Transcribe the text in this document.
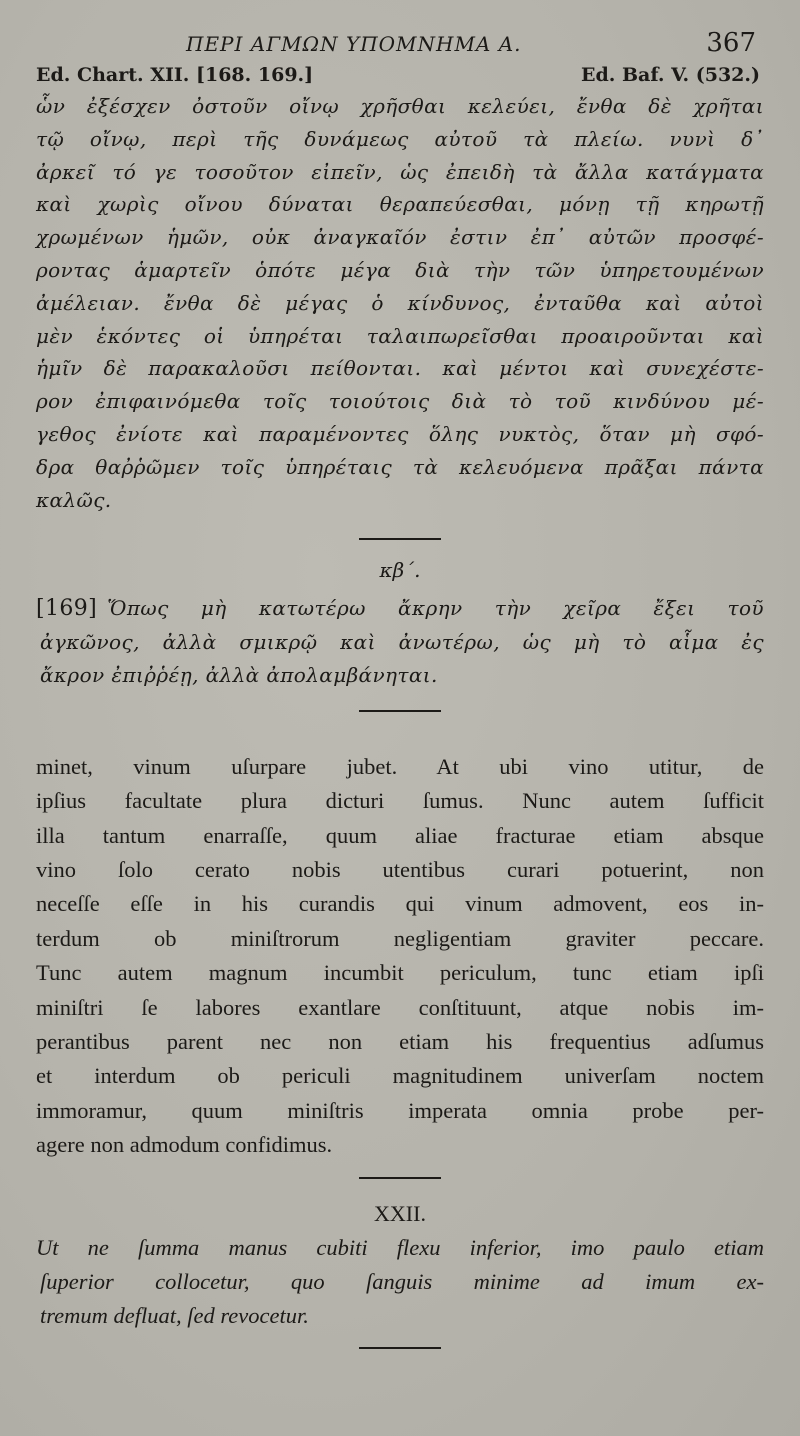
ΠΕΡΙ ΑΓΜΩΝ ΥΠΟΜΝΗΜΑ Α.	367
Ed. Chart. XII. [168. 169.]	Ed. Baf. V. (532.)
ὧν ἐξέσχεν ὀστοῦν οἴνῳ χρῆσθαι κελεύει, ἔνθα δὲ χρῆται
τῷ οἴνῳ, περὶ τῆς δυνάμεως αὐτοῦ τὰ πλείω. νυνὶ δ᾽
ἀρκεῖ τό γε τοσοῦτον εἰπεῖν, ὡς ἐπειδὴ τὰ ἄλλα κατάγματα
καὶ χωρὶς οἴνου δύναται θεραπεύεσθαι, μόνῃ τῇ κηρωτῇ
χρωμένων ἡμῶν, οὐκ ἀναγκαῖόν ἐστιν ἐπ᾽ αὐτῶν προσφέ-
ροντας ἁμαρτεῖν ὁπότε μέγα διὰ τὴν τῶν ὑπηρετουμένων
ἀμέλειαν. ἔνθα δὲ μέγας ὁ κίνδυνος, ἐνταῦθα καὶ αὐτοὶ
μὲν ἑκόντες οἱ ὑπηρέται ταλαιπωρεῖσθαι προαιροῦνται καὶ
ἡμῖν δὲ παρακαλοῦσι πείθονται. καὶ μέντοι καὶ συνεχέστε-
ρον ἐπιφαινόμεθα τοῖς τοιούτοις διὰ τὸ τοῦ κινδύνου μέ-
γεθος ἐνίοτε καὶ παραμένοντες ὅλης νυκτὸς, ὅταν μὴ σφό-
δρα θαῤῥῶμεν τοῖς ὑπηρέταις τὰ κελευόμενα πρᾶξαι πάντα
καλῶς.
κβ΄.
[169] Ὅπως μὴ κατωτέρω ἄκρην τὴν χεῖρα ἔξει τοῦ
ἀγκῶνος, ἀλλὰ σμικρῷ καὶ ἀνωτέρω, ὡς μὴ τὸ αἷμα ἐς
ἄκρον ἐπιῤῥέῃ, ἀλλὰ ἀπολαμβάνηται.
minet, vinum uſurpare jubet. At ubi vino utitur, de
ipſius facultate plura dicturi ſumus. Nunc autem ſufficit
illa tantum enarraſſe, quum aliae fracturae etiam absque
vino ſolo cerato nobis utentibus curari potuerint, non
neceſſe eſſe in his curandis qui vinum admovent, eos in-
terdum ob miniſtrorum negligentiam graviter peccare.
Tunc autem magnum incumbit periculum, tunc etiam ipſi
miniſtri ſe labores exantlare conſtituunt, atque nobis im-
perantibus parent nec non etiam his frequentius adſumus
et interdum ob periculi magnitudinem univerſam noctem
immoramur, quum miniſtris imperata omnia probe per-
agere non admodum confidimus.
XXII.
Ut ne ſumma manus cubiti flexu inferior, imo paulo etiam
ſuperior collocetur, quo ſanguis minime ad imum ex-
tremum defluat, ſed revocetur.
